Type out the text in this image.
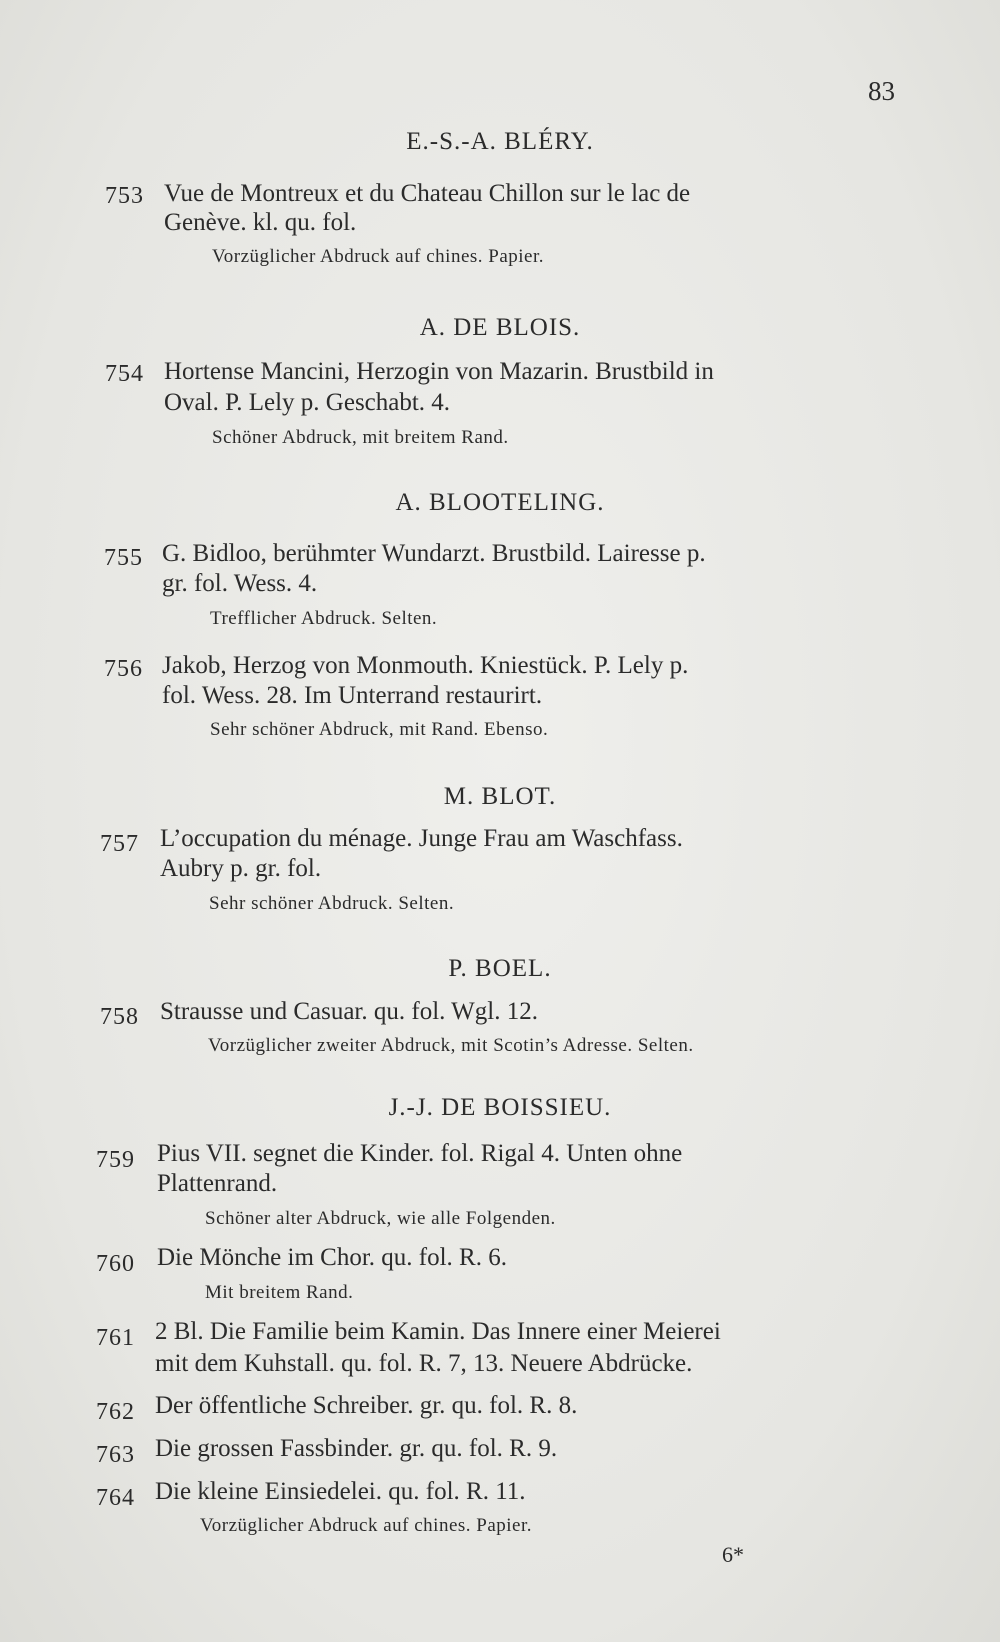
83
E.-S.-A. BLÉRY.
753 Vue de Montreux et du Chateau Chillon sur le lac de
Genève. kl. qu. fol.
Vorzüglicher Abdruck auf chines. Papier.
A. DE BLOIS.
754 Hortense Mancini, Herzogin von Mazarin. Brustbild in
Oval. P. Lely p. Geschabt. 4.
Schöner Abdruck, mit breitem Rand.
A. BLOOTELING.
755 G. Bidloo, berühmter Wundarzt. Brustbild. Lairesse p.
gr. fol. Wess. 4.
Trefflicher Abdruck. Selten.
756 Jakob, Herzog von Monmouth. Kniestück. P. Lely p.
fol. Wess. 28. Im Unterrand restaurirt.
Sehr schöner Abdruck, mit Rand. Ebenso.
M. BLOT.
757 L’occupation du ménage. Junge Frau am Waschfass.
Aubry p. gr. fol.
Sehr schöner Abdruck. Selten.
P. BOEL.
758 Strausse und Casuar. qu. fol. Wgl. 12.
Vorzüglicher zweiter Abdruck, mit Scotin’s Adresse. Selten.
J.-J. DE BOISSIEU.
759 Pius VII. segnet die Kinder. fol. Rigal 4. Unten ohne
Plattenrand.
Schöner alter Abdruck, wie alle Folgenden.
760 Die Mönche im Chor. qu. fol. R. 6.
Mit breitem Rand.
761 2 Bl. Die Familie beim Kamin. Das Innere einer Meierei
mit dem Kuhstall. qu. fol. R. 7, 13. Neuere Abdrücke.
762 Der öffentliche Schreiber. gr. qu. fol. R. 8.
763 Die grossen Fassbinder. gr. qu. fol. R. 9.
764 Die kleine Einsiedelei. qu. fol. R. 11.
Vorzüglicher Abdruck auf chines. Papier.
6*
